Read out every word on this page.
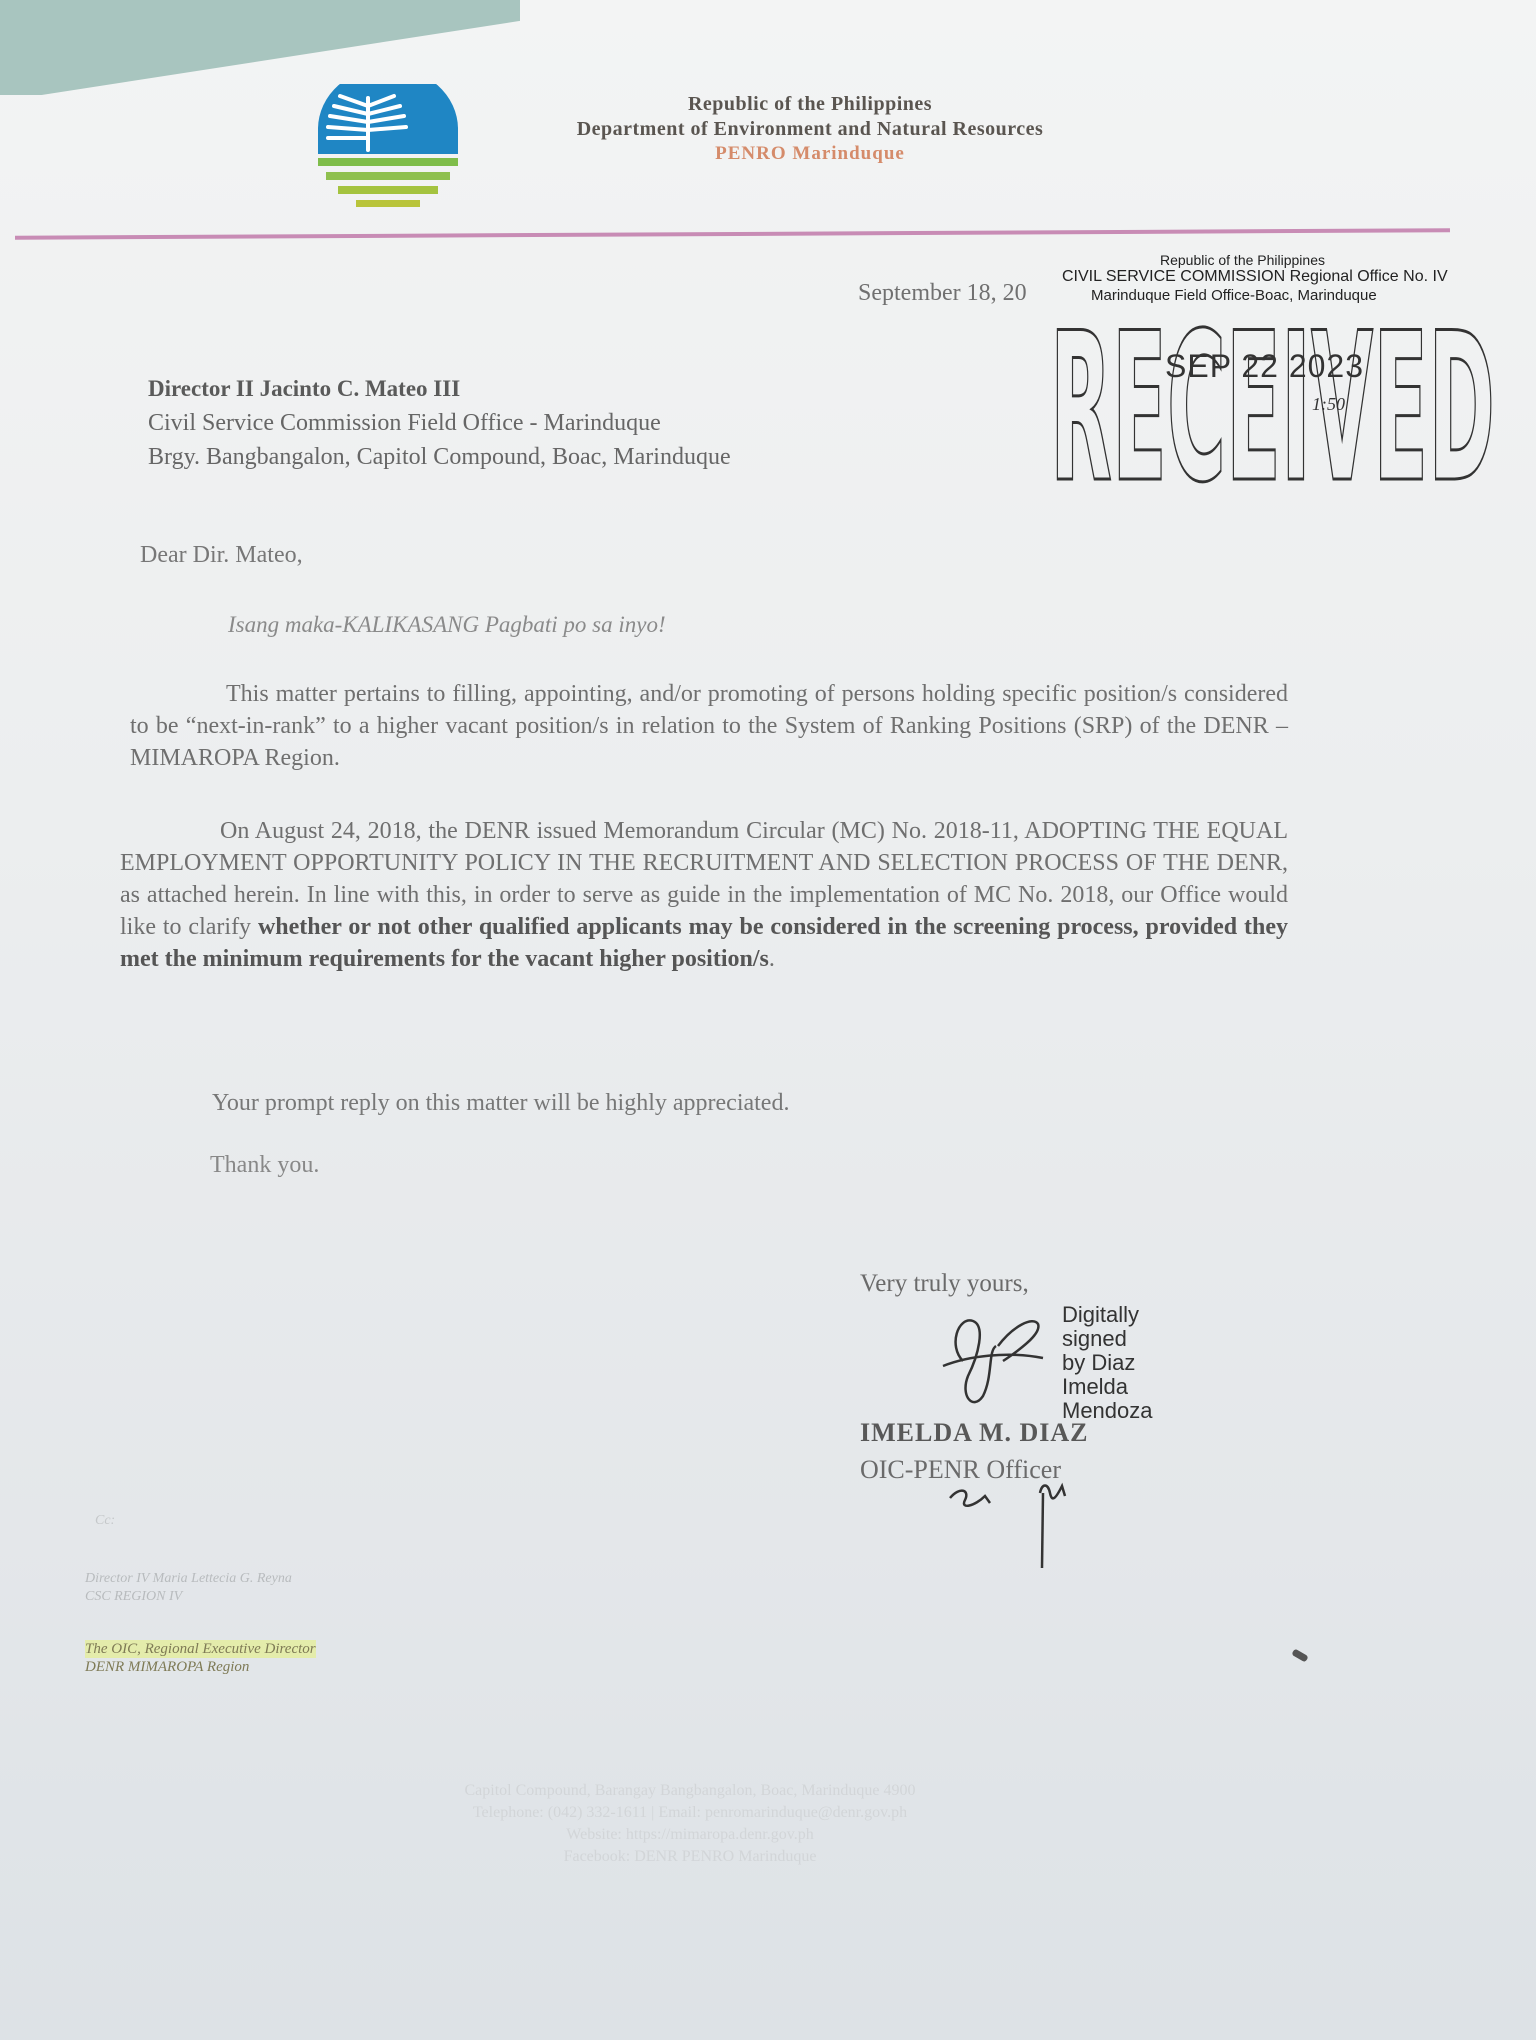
Republic of the Philippines
Department of Environment and Natural Resources
PENRO Marinduque
September 18, 20
Republic of the Philippines
CIVIL SERVICE COMMISSION Regional Office No. IV
Marinduque Field Office-Boac, Marinduque
RECEIVED
SEP 22 2023
1:50
Director II Jacinto C. Mateo III
Civil Service Commission Field Office - Marinduque
Brgy. Bangbangalon, Capitol Compound, Boac, Marinduque
Dear Dir. Mateo,
Isang maka-KALIKASANG Pagbati po sa inyo!
This matter pertains to filling, appointing, and/or promoting of persons holding specific position/s considered to be “next-in-rank” to a higher vacant position/s in relation to the System of Ranking Positions (SRP) of the DENR – MIMAROPA Region.
On August 24, 2018, the DENR issued Memorandum Circular (MC) No. 2018-11, ADOPTING THE EQUAL EMPLOYMENT OPPORTUNITY POLICY IN THE RECRUITMENT AND SELECTION PROCESS OF THE DENR, as attached herein. In line with this, in order to serve as guide in the implementation of MC No. 2018, our Office would like to clarify whether or not other qualified applicants may be considered in the screening process, provided they met the minimum requirements for the vacant higher position/s.
Your prompt reply on this matter will be highly appreciated.
Thank you.
Very truly yours,
Digitally
signed
by Diaz
Imelda
Mendoza
IMELDA M. DIAZ
OIC-PENR Officer
Cc:
Director IV Maria Lettecia G. Reyna
CSC REGION IV
The OIC, Regional Executive Director
DENR MIMAROPA Region
Capitol Compound, Barangay Bangbangalon, Boac, Marinduque 4900
Telephone: (042) 332-1611 | Email: penromarinduque@denr.gov.ph
Website: https://mimaropa.denr.gov.ph
Facebook: DENR PENRO Marinduque
